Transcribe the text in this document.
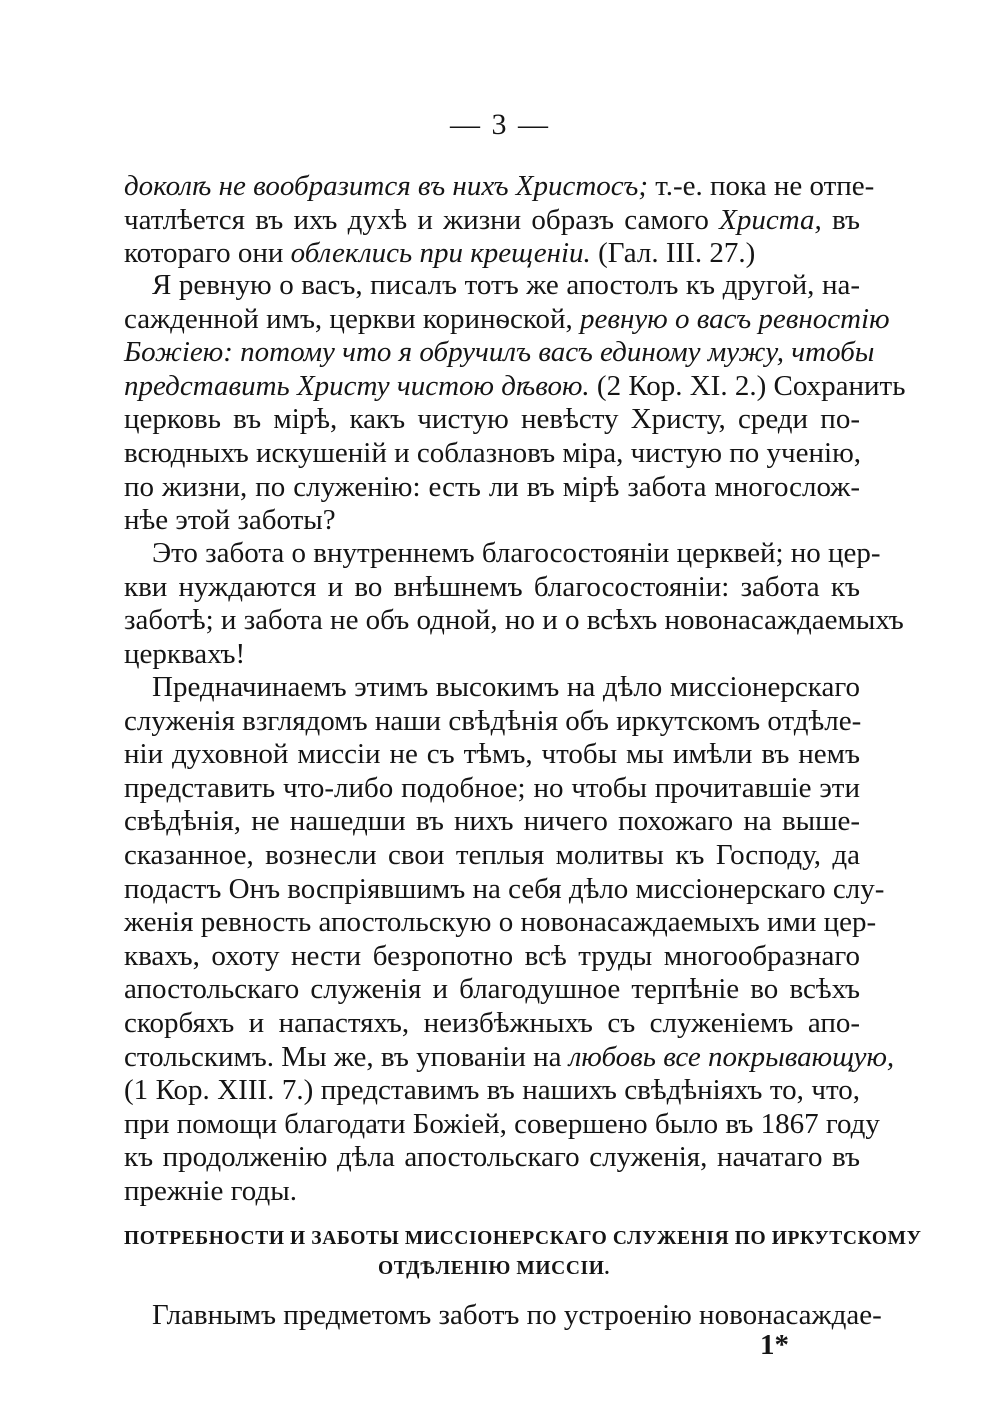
— 3 —
доколѣ не вообразится въ нихъ Христосъ; т.-е. пока не отпе-
чатлѣется въ ихъ духѣ и жизни образъ самого Христа, въ
котораго они облеклись при крещеніи. (Гал. III. 27.)
Я ревную о васъ, писалъ тотъ же апостолъ къ другой, на-
сажденной имъ, церкви коринѳской, ревную о васъ ревностію
Божіею: потому что я обручилъ васъ единому мужу, чтобы
представить Христу чистою дѣвою. (2 Кор. XI. 2.) Сохранить
церковь въ мірѣ, какъ чистую невѣсту Христу, среди по-
всюдныхъ искушеній и соблазновъ міра, чистую по ученію,
по жизни, по служенію: есть ли въ мірѣ забота многослож-
нѣе этой заботы?
Это забота о внутреннемъ благосостояніи церквей; но цер-
кви нуждаются и во внѣшнемъ благосостояніи: забота къ
заботѣ; и забота не объ одной, но и о всѣхъ новонасаждаемыхъ
церквахъ!
Предначинаемъ этимъ высокимъ на дѣло миссіонерскаго
служенія взглядомъ наши свѣдѣнія объ иркутскомъ отдѣле-
ніи духовной миссіи не съ тѣмъ, чтобы мы имѣли въ немъ
представить что-либо подобное; но чтобы прочитавшіе эти
свѣдѣнія, не нашедши въ нихъ ничего похожаго на выше-
сказанное, вознесли свои теплыя молитвы къ Господу, да
подастъ Онъ воспріявшимъ на себя дѣло миссіонерскаго слу-
женія ревность апостольскую о новонасаждаемыхъ ими цер-
квахъ, охоту нести безропотно всѣ труды многообразнаго
апостольскаго служенія и благодушное терпѣніе во всѣхъ
скорбяхъ и напастяхъ, неизбѣжныхъ съ служеніемъ апо-
стольскимъ. Мы же, въ упованіи на любовь все покрывающую,
(1 Кор. XIII. 7.) представимъ въ нашихъ свѣдѣніяхъ то, что,
при помощи благодати Божіей, совершено было въ 1867 году
къ продолженію дѣла апостольскаго служенія, начатаго въ
прежніе годы.
ПОТРЕБНОСТИ И ЗАБОТЫ МИССІОНЕРСКАГО СЛУЖЕНІЯ ПО ИРКУТСКОМУ
ОТДѢЛЕНІЮ МИССІИ.
Главнымъ предметомъ заботъ по устроенію новонасаждае-
1*
